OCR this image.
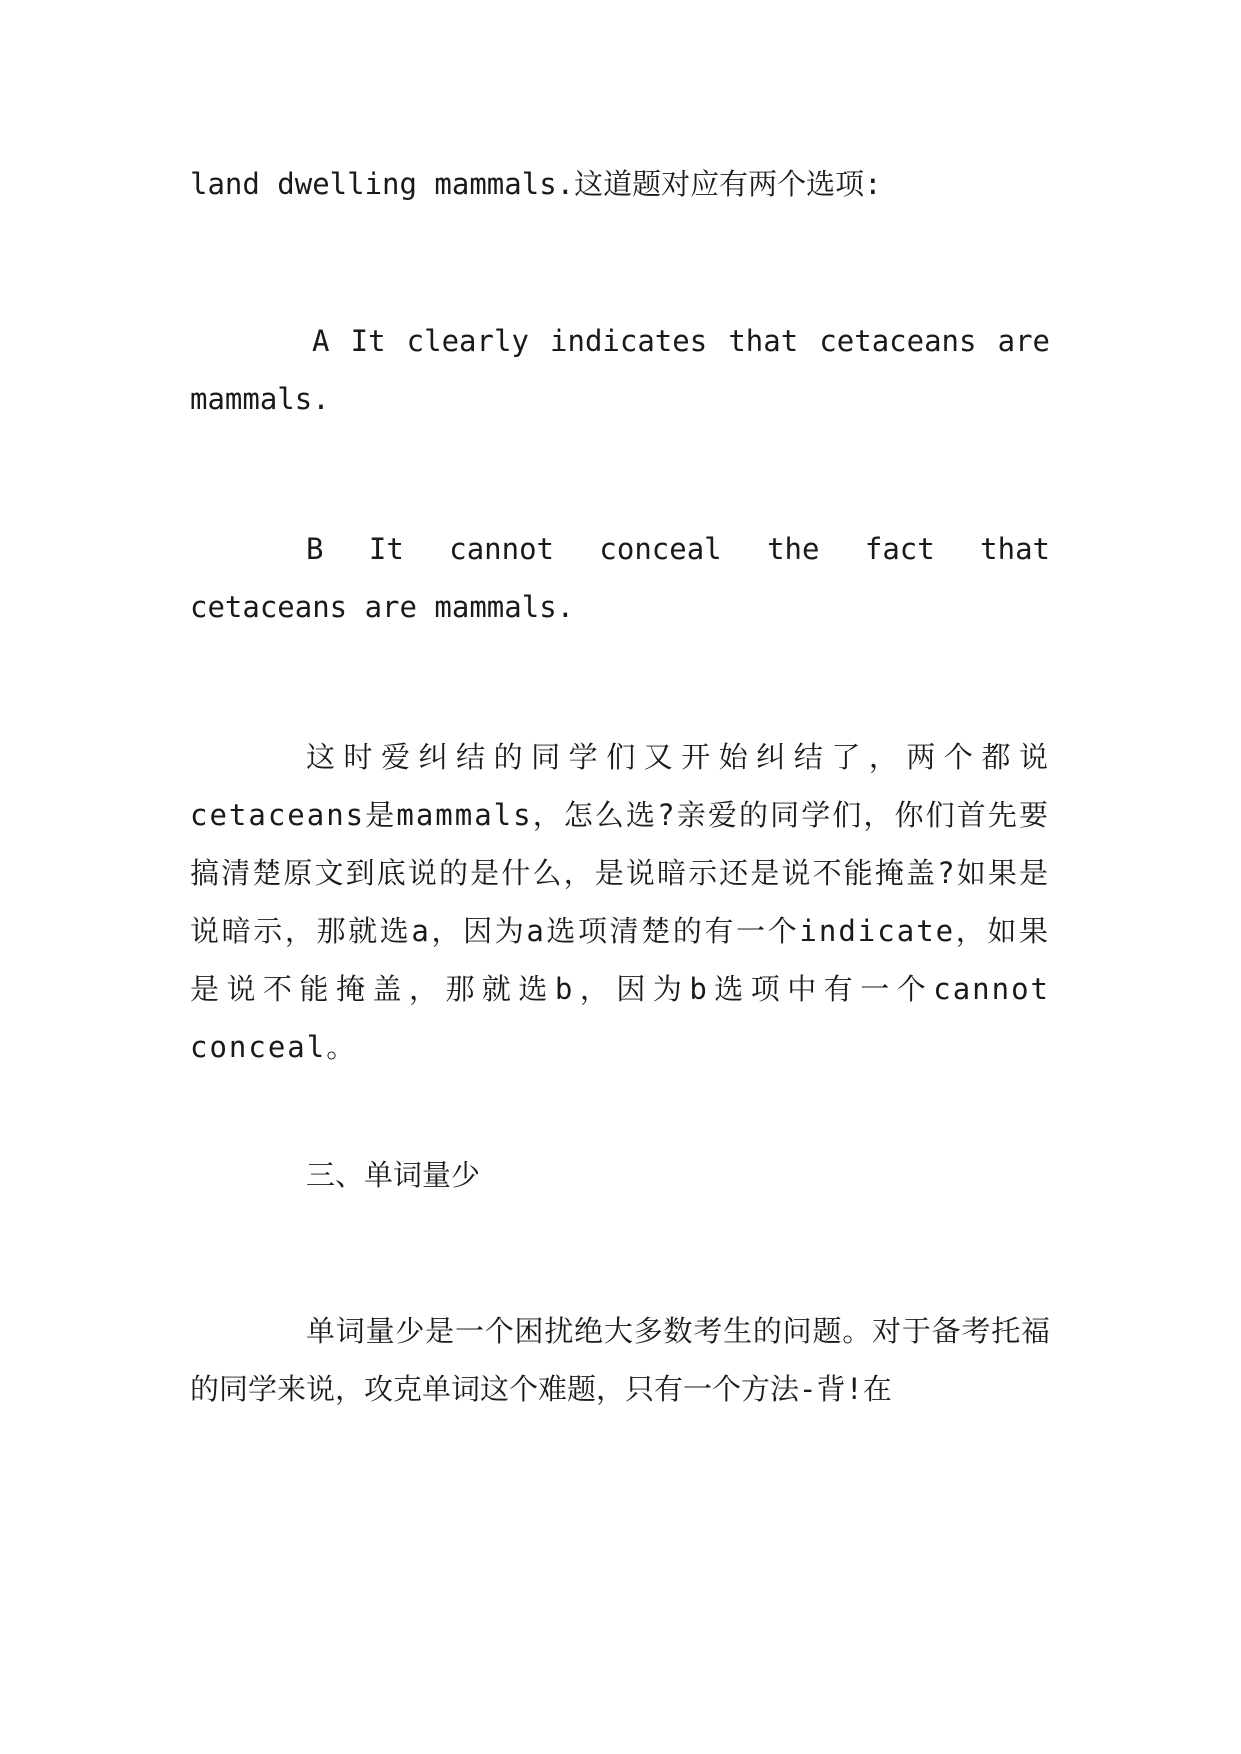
land dwelling mammals.这道题对应有两个选项:

A It clearly indicates that cetaceans are mammals.

B It cannot conceal the fact that cetaceans are mammals.

这时爱纠结的同学们又开始纠结了，两个都说cetaceans是mammals，怎么选?亲爱的同学们，你们首先要搞清楚原文到底说的是什么，是说暗示还是说不能掩盖?如果是说暗示，那就选a，因为a选项清楚的有一个indicate，如果是说不能掩盖，那就选b，因为b选项中有一个cannot conceal。

三、单词量少

单词量少是一个困扰绝大多数考生的问题。对于备考托福的同学来说，攻克单词这个难题，只有一个方法-背!在
